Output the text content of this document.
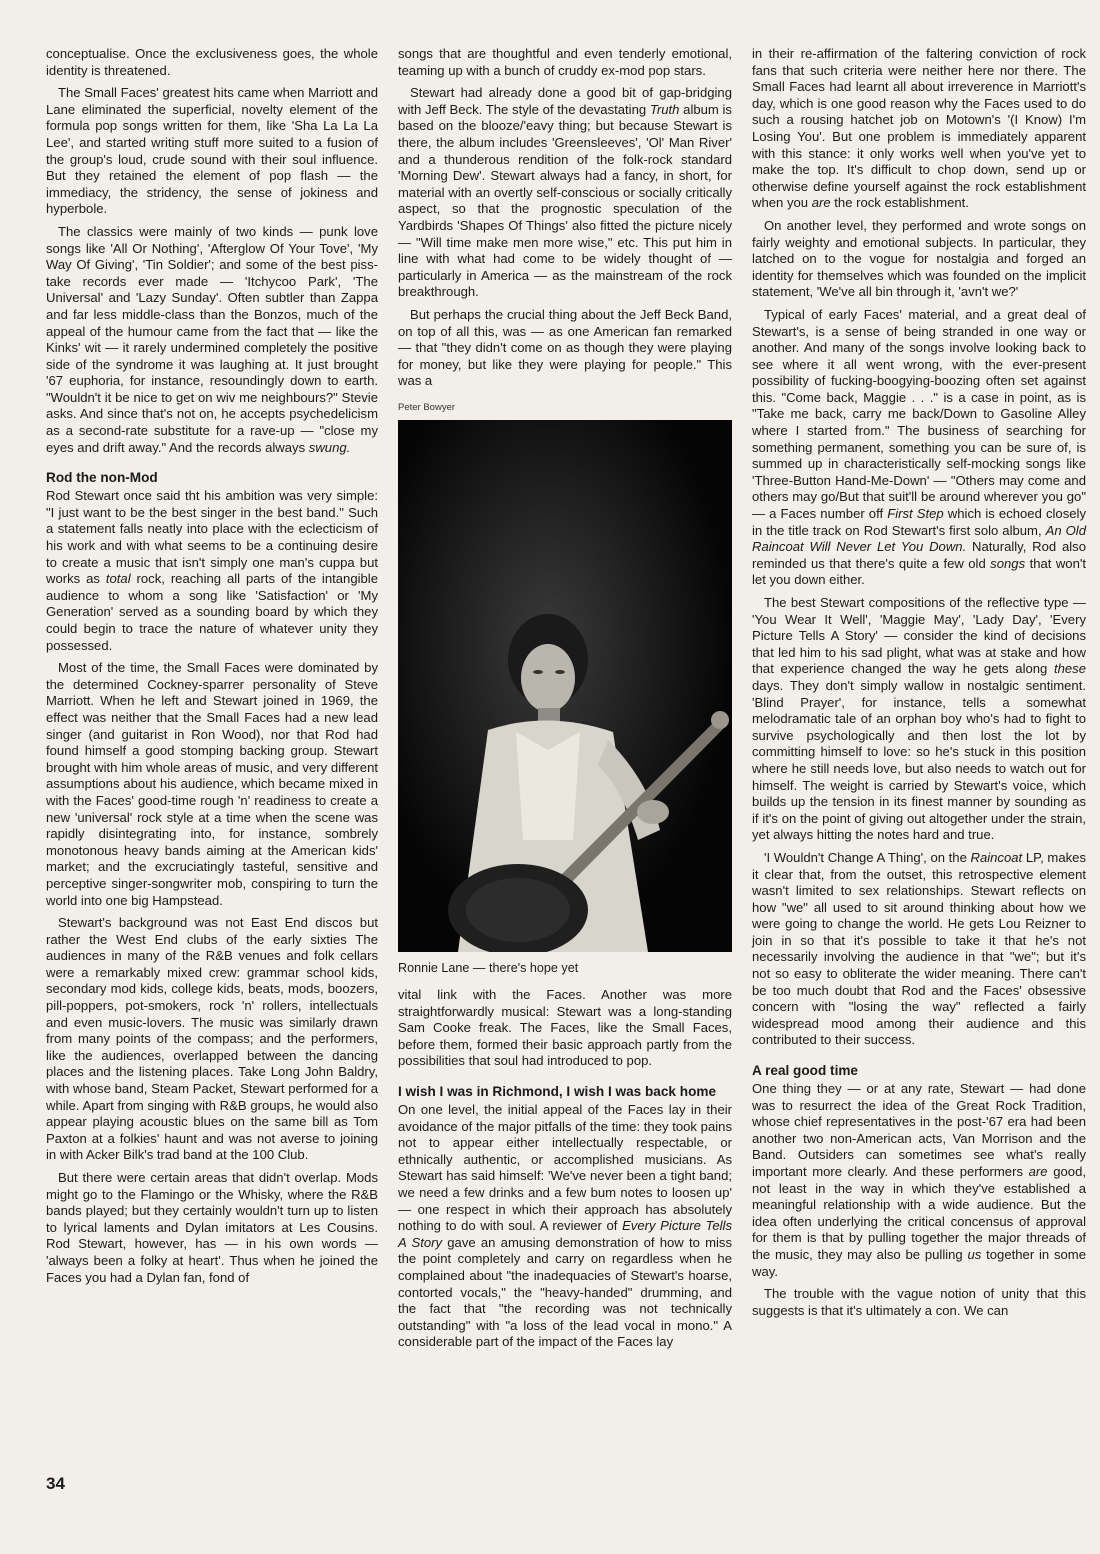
conceptualise. Once the exclusiveness goes, the whole identity is threatened.

The Small Faces' greatest hits came when Marriott and Lane eliminated the superficial, novelty element of the formula pop songs written for them, like 'Sha La La La Lee', and started writing stuff more suited to a fusion of the group's loud, crude sound with their soul influence. But they retained the element of pop flash — the immediacy, the stridency, the sense of jokiness and hyperbole.

The classics were mainly of two kinds — punk love songs like 'All Or Nothing', 'Afterglow Of Your Tove', 'My Way Of Giving', 'Tin Soldier'; and some of the best piss-take records ever made — 'Itchycoo Park', 'The Universal' and 'Lazy Sunday'. Often subtler than Zappa and far less middle-class than the Bonzos, much of the appeal of the humour came from the fact that — like the Kinks' wit — it rarely undermined completely the positive side of the syndrome it was laughing at. It just brought '67 euphoria, for instance, resoundingly down to earth. "Wouldn't it be nice to get on wiv me neighbours?" Stevie asks. And since that's not on, he accepts psychedelicism as a second-rate substitute for a rave-up — "close my eyes and drift away." And the records always swung.

Rod the non-Mod

Rod Stewart once said tht his ambition was very simple: "I just want to be the best singer in the best band." Such a statement falls neatly into place with the eclecticism of his work and with what seems to be a continuing desire to create a music that isn't simply one man's cuppa but works as total rock, reaching all parts of the intangible audience to whom a song like 'Satisfaction' or 'My Generation' served as a sounding board by which they could begin to trace the nature of whatever unity they possessed.

Most of the time, the Small Faces were dominated by the determined Cockney-sparrer personality of Steve Marriott. When he left and Stewart joined in 1969, the effect was neither that the Small Faces had a new lead singer (and guitarist in Ron Wood), nor that Rod had found himself a good stomping backing group. Stewart brought with him whole areas of music, and very different assumptions about his audience, which became mixed in with the Faces' good-time rough 'n' readiness to create a new 'universal' rock style at a time when the scene was rapidly disintegrating into, for instance, sombrely monotonous heavy bands aiming at the American kids' market; and the excruciatingly tasteful, sensitive and perceptive singer-songwriter mob, conspiring to turn the world into one big Hampstead.

Stewart's background was not East End discos but rather the West End clubs of the early sixties The audiences in many of the R&B venues and folk cellars were a remarkably mixed crew: grammar school kids, secondary mod kids, college kids, beats, mods, boozers, pill-poppers, pot-smokers, rock 'n' rollers, intellectuals and even music-lovers. The music was similarly drawn from many points of the compass; and the performers, like the audiences, overlapped between the dancing places and the listening places. Take Long John Baldry, with whose band, Steam Packet, Stewart performed for a while. Apart from singing with R&B groups, he would also appear playing acoustic blues on the same bill as Tom Paxton at a folkies' haunt and was not averse to joining in with Acker Bilk's trad band at the 100 Club.

But there were certain areas that didn't overlap. Mods might go to the Flamingo or the Whisky, where the R&B bands played; but they certainly wouldn't turn up to listen to lyrical laments and Dylan imitators at Les Cousins. Rod Stewart, however, has — in his own words — 'always been a folky at heart'. Thus when he joined the Faces you had a Dylan fan, fond of

songs that are thoughtful and even tenderly emotional, teaming up with a bunch of cruddy ex-mod pop stars.

Stewart had already done a good bit of gap-bridging with Jeff Beck. The style of the devastating Truth album is based on the blooze/'eavy thing; but because Stewart is there, the album includes 'Greensleeves', 'Ol' Man River' and a thunderous rendition of the folk-rock standard 'Morning Dew'. Stewart always had a fancy, in short, for material with an overtly self-conscious or socially critically aspect, so that the prognostic speculation of the Yardbirds 'Shapes Of Things' also fitted the picture nicely — "Will time make men more wise," etc. This put him in line with what had come to be widely thought of — particularly in America — as the mainstream of the rock breakthrough.

But perhaps the crucial thing about the Jeff Beck Band, on top of all this, was — as one American fan remarked — that "they didn't come on as though they were playing for money, but like they were playing for people." This was a

Peter Bowyer
Ronnie Lane — there's hope yet

vital link with the Faces. Another was more straightforwardly musical: Stewart was a long-standing Sam Cooke freak. The Faces, like the Small Faces, before them, formed their basic approach partly from the possibilities that soul had introduced to pop.

I wish I was in Richmond, I wish I was back home

On one level, the initial appeal of the Faces lay in their avoidance of the major pitfalls of the time: they took pains not to appear either intellectually respectable, or ethnically authentic, or accomplished musicians. As Stewart has said himself: 'We've never been a tight band; we need a few drinks and a few bum notes to loosen up' — one respect in which their approach has absolutely nothing to do with soul. A reviewer of Every Picture Tells A Story gave an amusing demonstration of how to miss the point completely and carry on regardless when he complained about "the inadequacies of Stewart's hoarse, contorted vocals," the "heavy-handed" drumming, and the fact that "the recording was not technically outstanding" with "a loss of the lead vocal in mono." A considerable part of the impact of the Faces lay

in their re-affirmation of the faltering conviction of rock fans that such criteria were neither here nor there. The Small Faces had learnt all about irreverence in Marriott's day, which is one good reason why the Faces used to do such a rousing hatchet job on Motown's '(I Know) I'm Losing You'. But one problem is immediately apparent with this stance: it only works well when you've yet to make the top. It's difficult to chop down, send up or otherwise define yourself against the rock establishment when you are the rock establishment.

On another level, they performed and wrote songs on fairly weighty and emotional subjects. In particular, they latched on to the vogue for nostalgia and forged an identity for themselves which was founded on the implicit statement, 'We've all bin through it, 'avn't we?'

Typical of early Faces' material, and a great deal of Stewart's, is a sense of being stranded in one way or another. And many of the songs involve looking back to see where it all went wrong, with the ever-present possibility of fucking-boogying-boozing often set against this. "Come back, Maggie . . ." is a case in point, as is "Take me back, carry me back/Down to Gasoline Alley where I started from." The business of searching for something permanent, something you can be sure of, is summed up in characteristically self-mocking songs like 'Three-Button Hand-Me-Down' — "Others may come and others may go/But that suit'll be around wherever you go" — a Faces number off First Step which is echoed closely in the title track on Rod Stewart's first solo album, An Old Raincoat Will Never Let You Down. Naturally, Rod also reminded us that there's quite a few old songs that won't let you down either.

The best Stewart compositions of the reflective type — 'You Wear It Well', 'Maggie May', 'Lady Day', 'Every Picture Tells A Story' — consider the kind of decisions that led him to his sad plight, what was at stake and how that experience changed the way he gets along these days. They don't simply wallow in nostalgic sentiment. 'Blind Prayer', for instance, tells a somewhat melodramatic tale of an orphan boy who's had to fight to survive psychologically and then lost the lot by committing himself to love: so he's stuck in this position where he still needs love, but also needs to watch out for himself. The weight is carried by Stewart's voice, which builds up the tension in its finest manner by sounding as if it's on the point of giving out altogether under the strain, yet always hitting the notes hard and true.

'I Wouldn't Change A Thing', on the Raincoat LP, makes it clear that, from the outset, this retrospective element wasn't limited to sex relationships. Stewart reflects on how "we" all used to sit around thinking about how we were going to change the world. He gets Lou Reizner to join in so that it's possible to take it that he's not necessarily involving the audience in that "we"; but it's not so easy to obliterate the wider meaning. There can't be too much doubt that Rod and the Faces' obsessive concern with "losing the way" reflected a fairly widespread mood among their audience and this contributed to their success.

A real good time

One thing they — or at any rate, Stewart — had done was to resurrect the idea of the Great Rock Tradition, whose chief representatives in the post-'67 era had been another two non-American acts, Van Morrison and the Band. Outsiders can sometimes see what's really important more clearly. And these performers are good, not least in the way in which they've established a meaningful relationship with a wide audience. But the idea often underlying the critical concensus of approval for them is that by pulling together the major threads of the music, they may also be pulling us together in some way.

The trouble with the vague notion of unity that this suggests is that it's ultimately a con. We can

34
